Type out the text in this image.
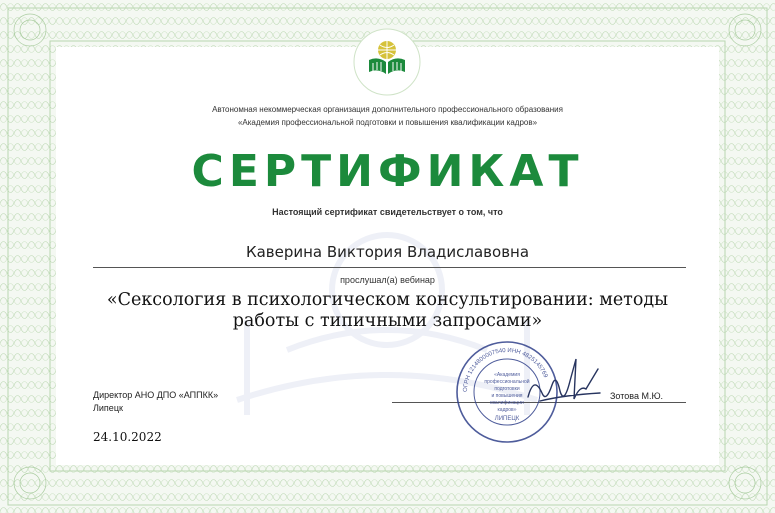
Автономная некоммерческая организация дополнительного профессионального образования
«Академия профессиональной подготовки и повышения квалификации кадров»
СЕРТИФИКАТ
Настоящий сертификат свидетельствует о том, что
Каверина Виктория Владиславовна
прослушал(а) вебинар
«Сексология в психологическом консультировании: методы
работы с типичными запросами»
Директор АНО ДПО «АППКК»
Липецк
Зотова М.Ю.
ОГРН 1214800007540 ИНН 4825145769
«Академия
профессиональной
подготовки
и повышения
квалификации
кадров»
ЛИПЕЦК
24.10.2022
